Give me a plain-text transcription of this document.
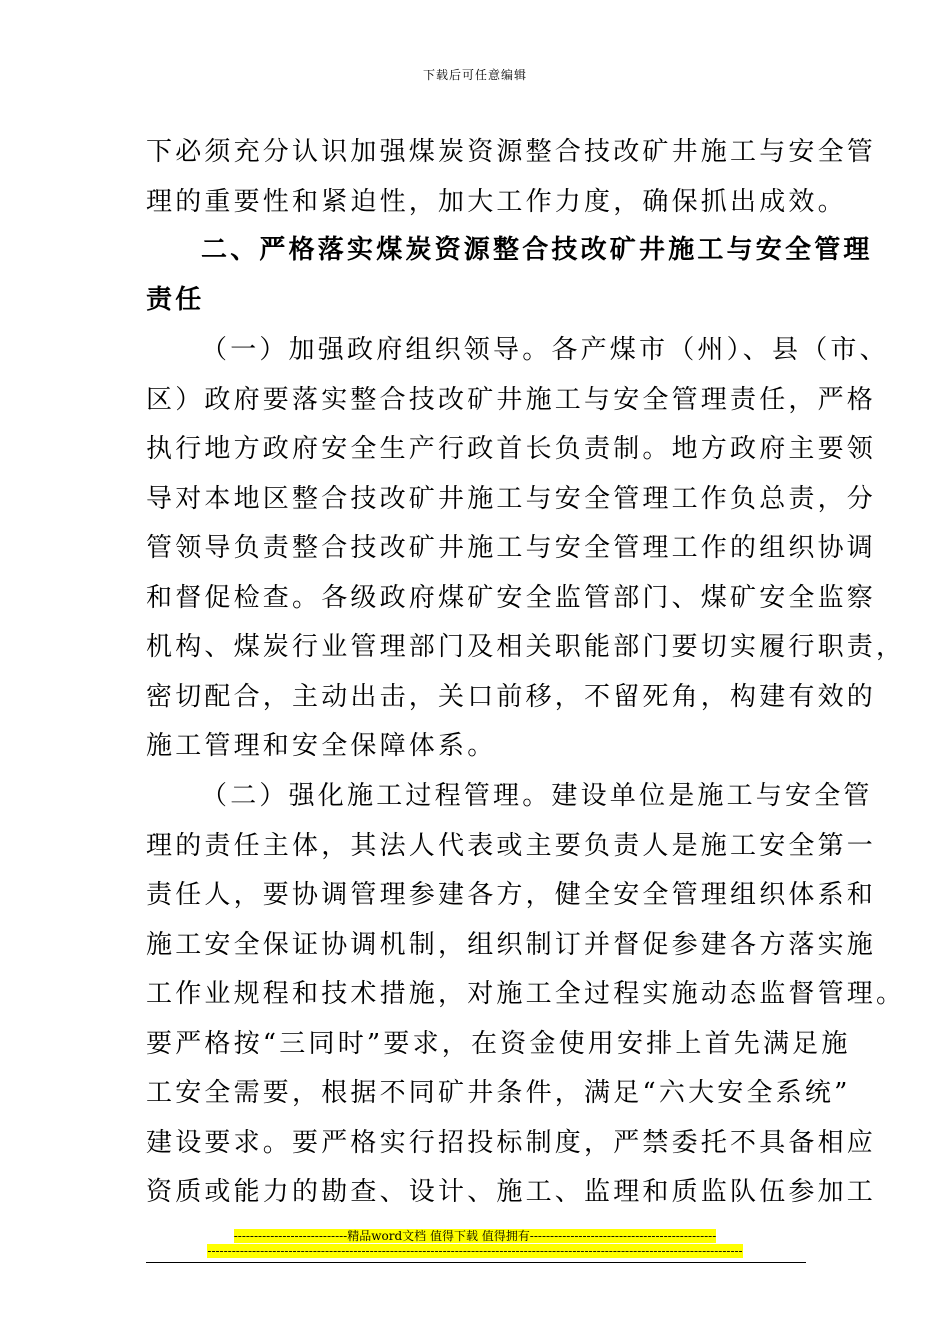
下载后可任意编辑
下必须充分认识加强煤炭资源整合技改矿井施工与安全管
理的重要性和紧迫性，加大工作力度，确保抓出成效。
二、严格落实煤炭资源整合技改矿井施工与安全管理
责任
（一）加强政府组织领导。各产煤市（州）、县（市、
区）政府要落实整合技改矿井施工与安全管理责任，严格
执行地方政府安全生产行政首长负责制。地方政府主要领
导对本地区整合技改矿井施工与安全管理工作负总责，分
管领导负责整合技改矿井施工与安全管理工作的组织协调
和督促检查。各级政府煤矿安全监管部门、煤矿安全监察
机构、煤炭行业管理部门及相关职能部门要切实履行职责，
密切配合，主动出击，关口前移，不留死角，构建有效的
施工管理和安全保障体系。
（二）强化施工过程管理。建设单位是施工与安全管
理的责任主体，其法人代表或主要负责人是施工安全第一
责任人，要协调管理参建各方，健全安全管理组织体系和
施工安全保证协调机制，组织制订并督促参建各方落实施
工作业规程和技术措施，对施工全过程实施动态监督管理。
要严格按“三同时”要求，在资金使用安排上首先满足施
工安全需要，根据不同矿井条件，满足“六大安全系统”
建设要求。要严格实行招投标制度，严禁委托不具备相应
资质或能力的勘查、设计、施工、监理和质监队伍参加工
----------------------------精品word文档 值得下载 值得拥有----------------------------------------------
------------------------------------------------------------------------------------------------------------------------------------
